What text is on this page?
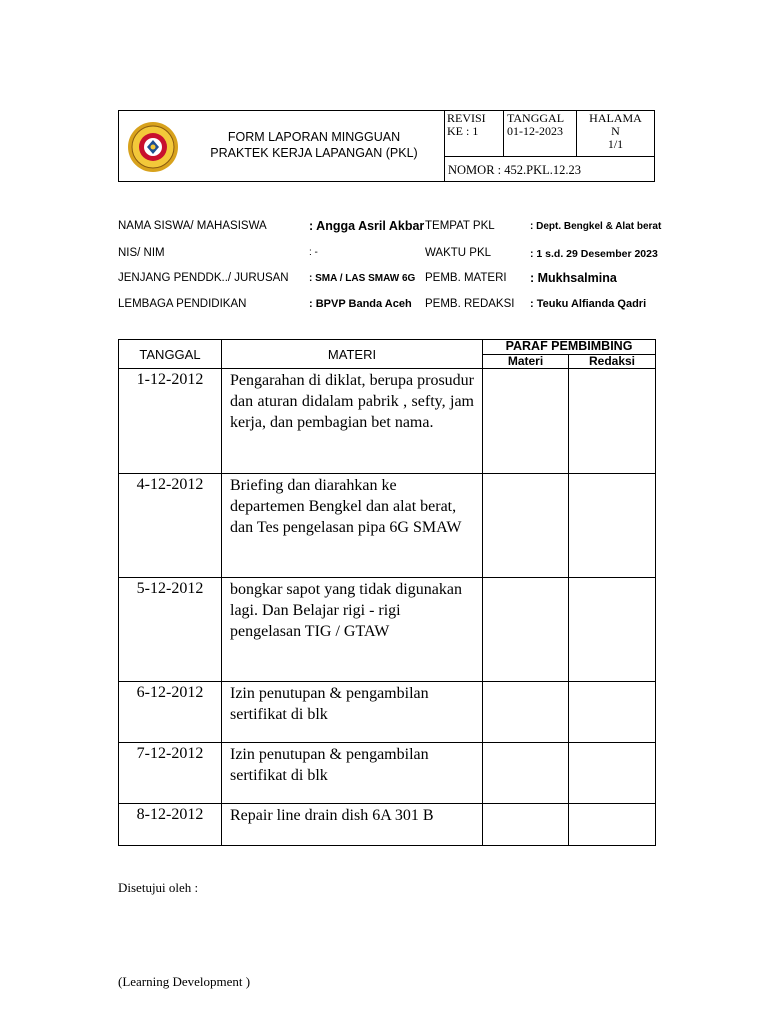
FORM LAPORAN MINGGUAN
PRAKTEK KERJA LAPANGAN (PKL)
REVISI
KE : 1
TANGGAL
01-12-2023
HALAMA
N
1/1
NOMOR : 452.PKL.12.23
NAMA SISWA/ MAHASISWA	: Angga Asril Akbar TEMPAT PKL	: Dept. Bengkel & Alat berat
NIS/ NIM	: -	WAKTU PKL	: 1 s.d. 29 Desember 2023
JENJANG PENDDK../ JURUSAN : SMA / LAS SMAW 6G PEMB. MATERI : Mukhsalmina
LEMBAGA PENDIDIKAN	: BPVP Banda Aceh PEMB. REDAKSI : Teuku Alfianda Qadri
TANGGAL	MATERI	PARAF PEMBIMBING	
		Materi	Redaksi
1-12-2012	Pengarahan di diklat, berupa prosudur dan aturan didalam pabrik , sefty, jam kerja, dan pembagian bet nama.		
4-12-2012	Briefing dan diarahkan ke departemen Bengkel dan alat berat, dan Tes pengelasan pipa 6G SMAW		
5-12-2012	bongkar sapot yang tidak digunakan lagi. Dan Belajar rigi - rigi pengelasan TIG / GTAW		
6-12-2012	Izin penutupan & pengambilan sertifikat di blk		
7-12-2012	Izin penutupan & pengambilan sertifikat di blk		
8-12-2012	Repair line drain dish 6A 301 B		
Disetujui oleh :
(Learning Development )
